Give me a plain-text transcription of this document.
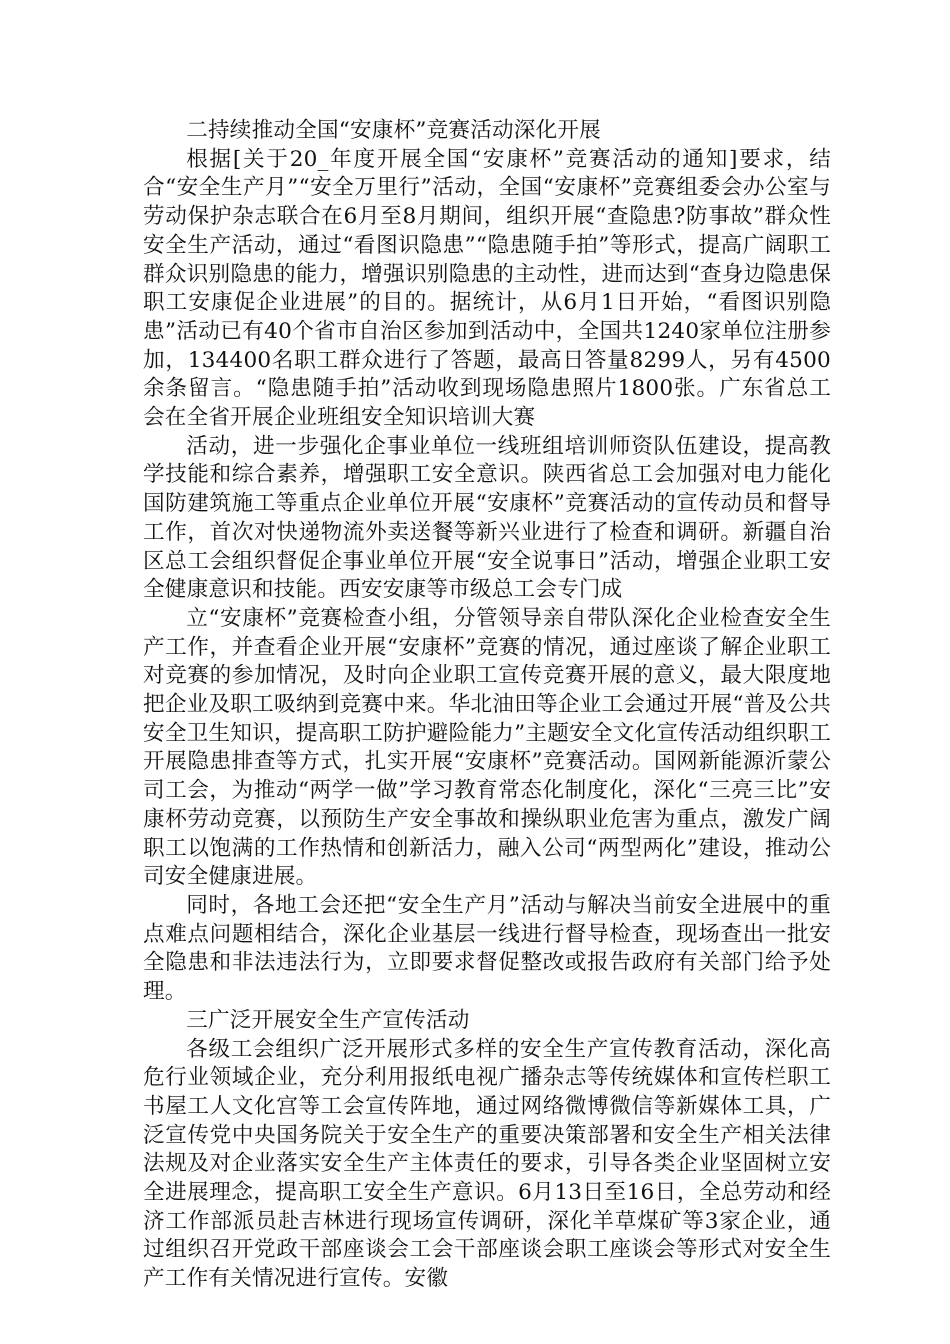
二持续推动全国“安康杯”竞赛活动深化开展

根据[关于20_年度开展全国“安康杯”竞赛活动的通知]要求，结合“安全生产月”“安全万里行”活动，全国“安康杯”竞赛组委会办公室与劳动保护杂志联合在6月至8月期间，组织开展“查隐患?防事故”群众性安全生产活动，通过“看图识隐患”“隐患随手拍”等形式，提高广阔职工群众识别隐患的能力，增强识别隐患的主动性，进而达到“查身边隐患保职工安康促企业进展”的目的。据统计，从6月1日开始，“看图识别隐患”活动已有40个省市自治区参加到活动中，全国共1240家单位注册参加，134400名职工群众进行了答题，最高日答量8299人，另有4500余条留言。“隐患随手拍”活动收到现场隐患照片1800张。广东省总工会在全省开展企业班组安全知识培训大赛

活动，进一步强化企事业单位一线班组培训师资队伍建设，提高教学技能和综合素养，增强职工安全意识。陕西省总工会加强对电力能化国防建筑施工等重点企业单位开展“安康杯”竞赛活动的宣传动员和督导工作，首次对快递物流外卖送餐等新兴业进行了检查和调研。新疆自治区总工会组织督促企事业单位开展“安全说事日”活动，增强企业职工安全健康意识和技能。西安安康等市级总工会专门成

立“安康杯”竞赛检查小组，分管领导亲自带队深化企业检查安全生产工作，并查看企业开展“安康杯”竞赛的情况，通过座谈了解企业职工对竞赛的参加情况，及时向企业职工宣传竞赛开展的意义，最大限度地把企业及职工吸纳到竞赛中来。华北油田等企业工会通过开展“普及公共安全卫生知识，提高职工防护避险能力”主题安全文化宣传活动组织职工开展隐患排查等方式，扎实开展“安康杯”竞赛活动。国网新能源沂蒙公司工会，为推动“两学一做”学习教育常态化制度化，深化“三亮三比”安康杯劳动竞赛，以预防生产安全事故和操纵职业危害为重点，激发广阔职工以饱满的工作热情和创新活力，融入公司“两型两化”建设，推动公司安全健康进展。

同时，各地工会还把“安全生产月”活动与解决当前安全进展中的重点难点问题相结合，深化企业基层一线进行督导检查，现场查出一批安全隐患和非法违法行为，立即要求督促整改或报告政府有关部门给予处理。

三广泛开展安全生产宣传活动

各级工会组织广泛开展形式多样的安全生产宣传教育活动，深化高危行业领域企业，充分利用报纸电视广播杂志等传统媒体和宣传栏职工书屋工人文化宫等工会宣传阵地，通过网络微博微信等新媒体工具，广泛宣传党中央国务院关于安全生产的重要决策部署和安全生产相关法律法规及对企业落实安全生产主体责任的要求，引导各类企业坚固树立安全进展理念，提高职工安全生产意识。6月13日至16日，全总劳动和经济工作部派员赴吉林进行现场宣传调研，深化羊草煤矿等3家企业，通过组织召开党政干部座谈会工会干部座谈会职工座谈会等形式对安全生产工作有关情况进行宣传。安徽
